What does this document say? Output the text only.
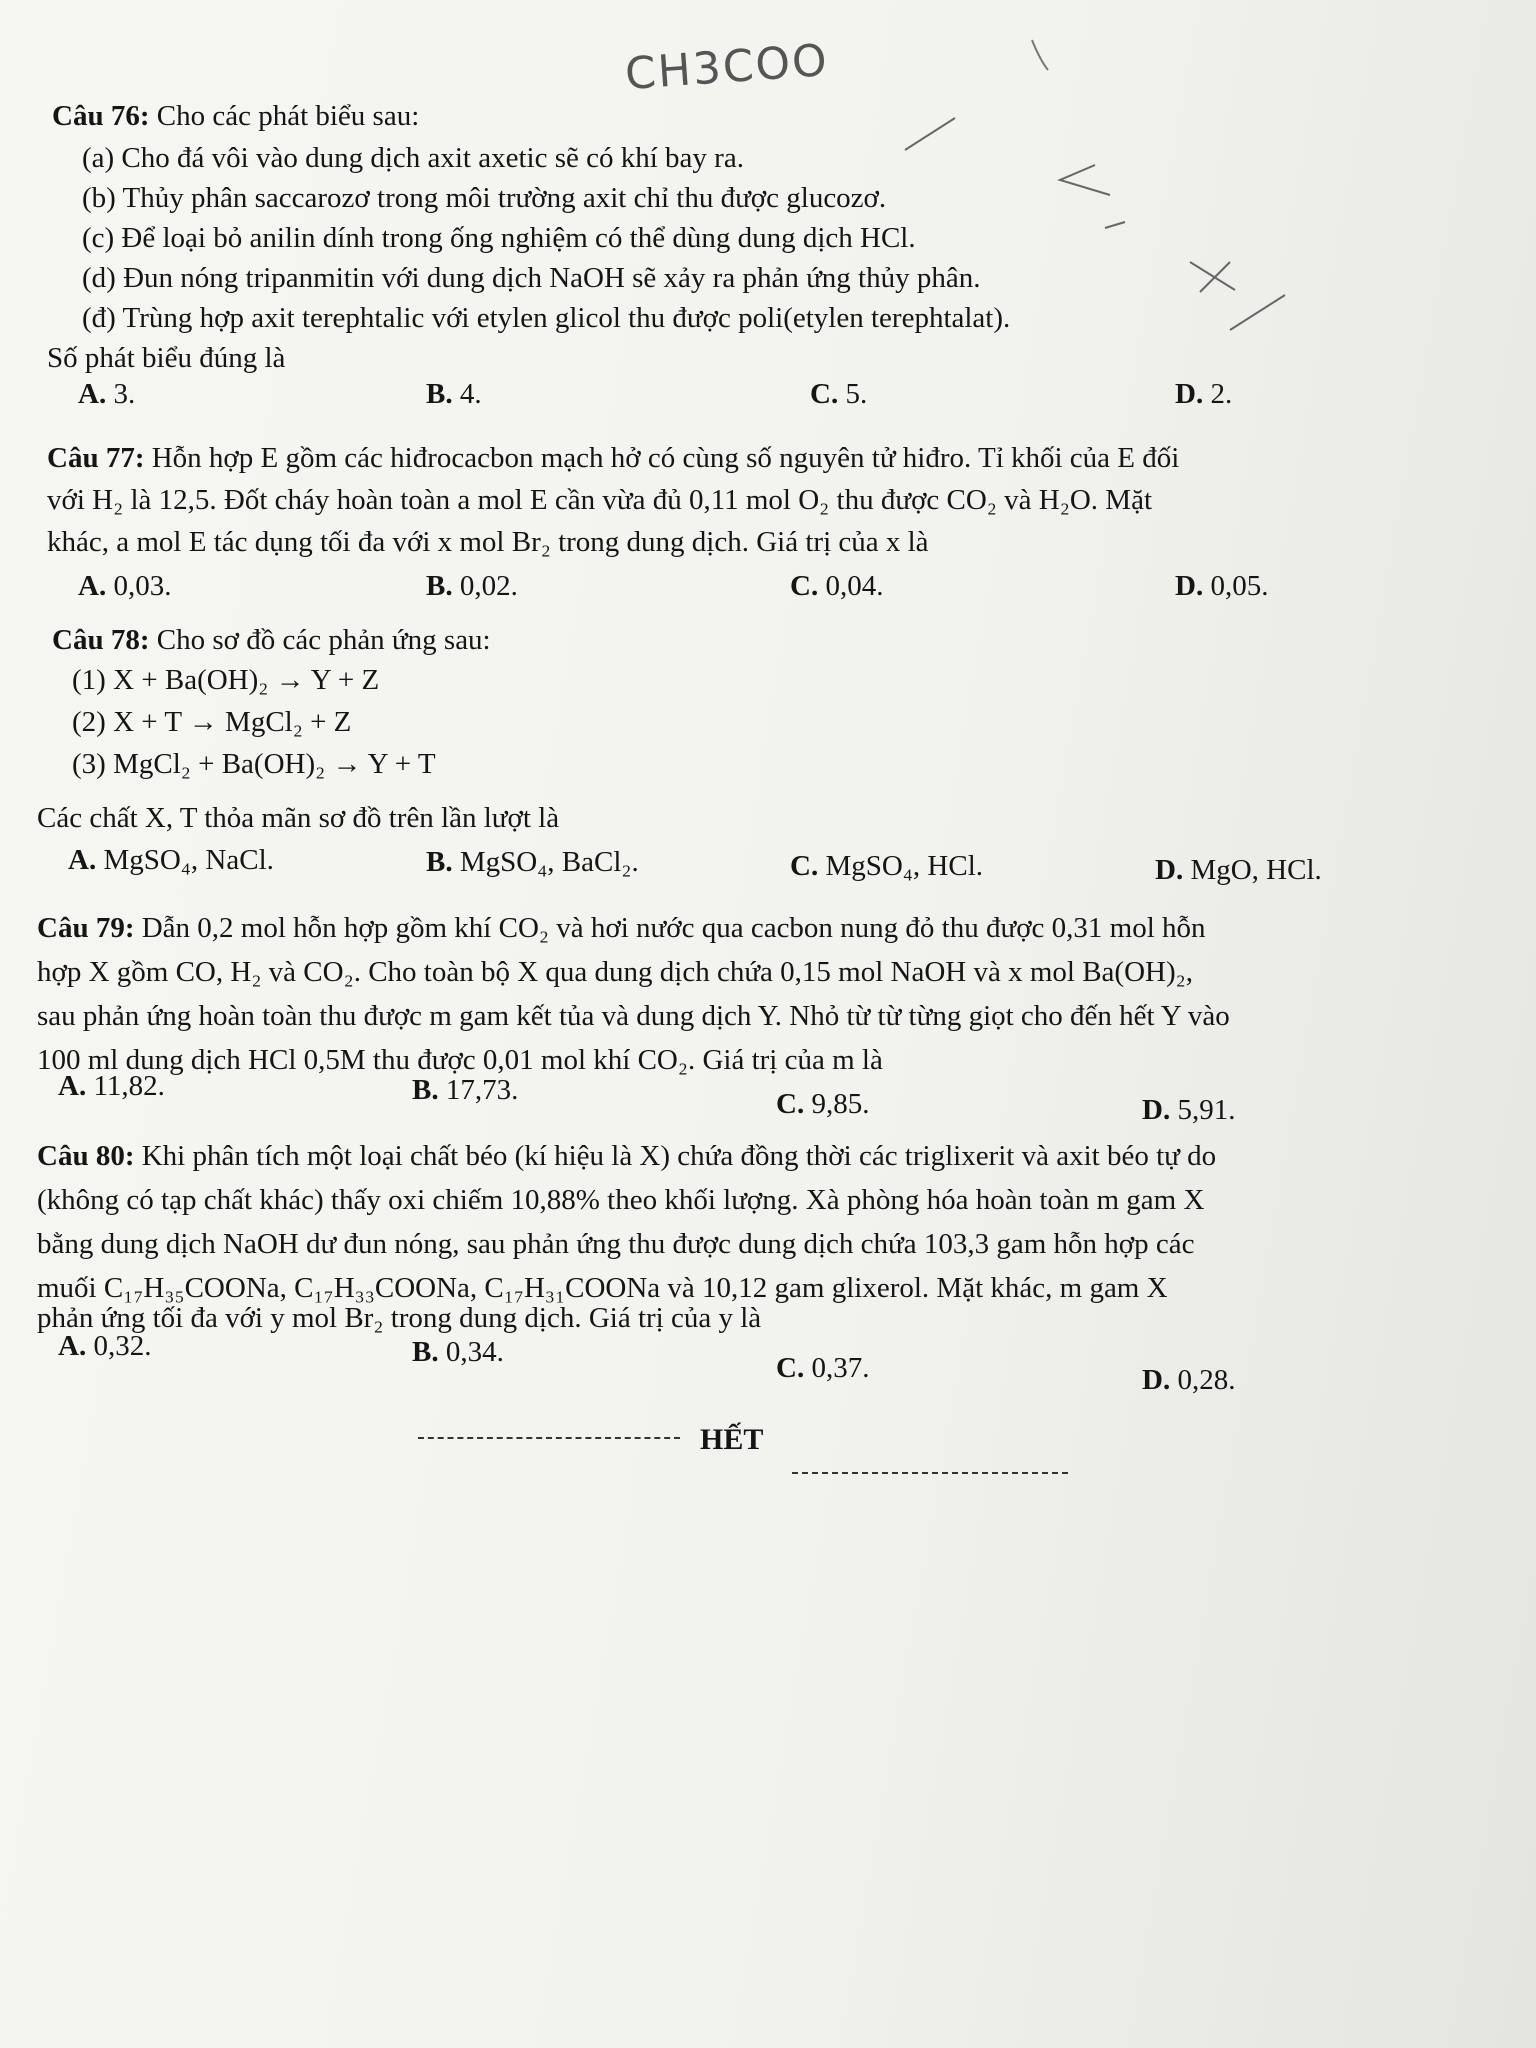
CH3COO
Câu 76: Cho các phát biểu sau:
(a) Cho đá vôi vào dung dịch axit axetic sẽ có khí bay ra.
(b) Thủy phân saccarozơ trong môi trường axit chỉ thu được glucozơ.
(c) Để loại bỏ anilin dính trong ống nghiệm có thể dùng dung dịch HCl.
(d) Đun nóng tripanmitin với dung dịch NaOH sẽ xảy ra phản ứng thủy phân.
(đ) Trùng hợp axit terephtalic với etylen glicol thu được poli(etylen terephtalat).
Số phát biểu đúng là
A. 3.	B. 4.	C. 5.	D. 2.
Câu 77: Hỗn hợp E gồm các hiđrocacbon mạch hở có cùng số nguyên tử hiđro. Tỉ khối của E đối
với H₂ là 12,5. Đốt cháy hoàn toàn a mol E cần vừa đủ 0,11 mol O₂ thu được CO₂ và H₂O. Mặt
khác, a mol E tác dụng tối đa với x mol Br₂ trong dung dịch. Giá trị của x là
A. 0,03.	B. 0,02.	C. 0,04.	D. 0,05.
Câu 78: Cho sơ đồ các phản ứng sau:
(1) X + Ba(OH)₂ → Y + Z
(2) X + T → MgCl₂ + Z
(3) MgCl₂ + Ba(OH)₂ → Y + T
Các chất X, T thỏa mãn sơ đồ trên lần lượt là
A. MgSO₄, NaCl.	B. MgSO₄, BaCl₂.	C. MgSO₄, HCl.	D. MgO, HCl.
Câu 79: Dẫn 0,2 mol hỗn hợp gồm khí CO₂ và hơi nước qua cacbon nung đỏ thu được 0,31 mol hỗn
hợp X gồm CO, H₂ và CO₂. Cho toàn bộ X qua dung dịch chứa 0,15 mol NaOH và x mol Ba(OH)₂,
sau phản ứng hoàn toàn thu được m gam kết tủa và dung dịch Y. Nhỏ từ từ từng giọt cho đến hết Y vào
100 ml dung dịch HCl 0,5M thu được 0,01 mol khí CO₂. Giá trị của m là
A. 11,82.	B. 17,73.	C. 9,85.	D. 5,91.
Câu 80: Khi phân tích một loại chất béo (kí hiệu là X) chứa đồng thời các triglixerit và axit béo tự do
(không có tạp chất khác) thấy oxi chiếm 10,88% theo khối lượng. Xà phòng hóa hoàn toàn m gam X
bằng dung dịch NaOH dư đun nóng, sau phản ứng thu được dung dịch chứa 103,3 gam hỗn hợp các
muối C₁₇H₃₅COONa, C₁₇H₃₃COONa, C₁₇H₃₁COONa và 10,12 gam glixerol. Mặt khác, m gam X
phản ứng tối đa với y mol Br₂ trong dung dịch. Giá trị của y là
A. 0,32.	B. 0,34.	C. 0,37.	D. 0,28.
HẾT
